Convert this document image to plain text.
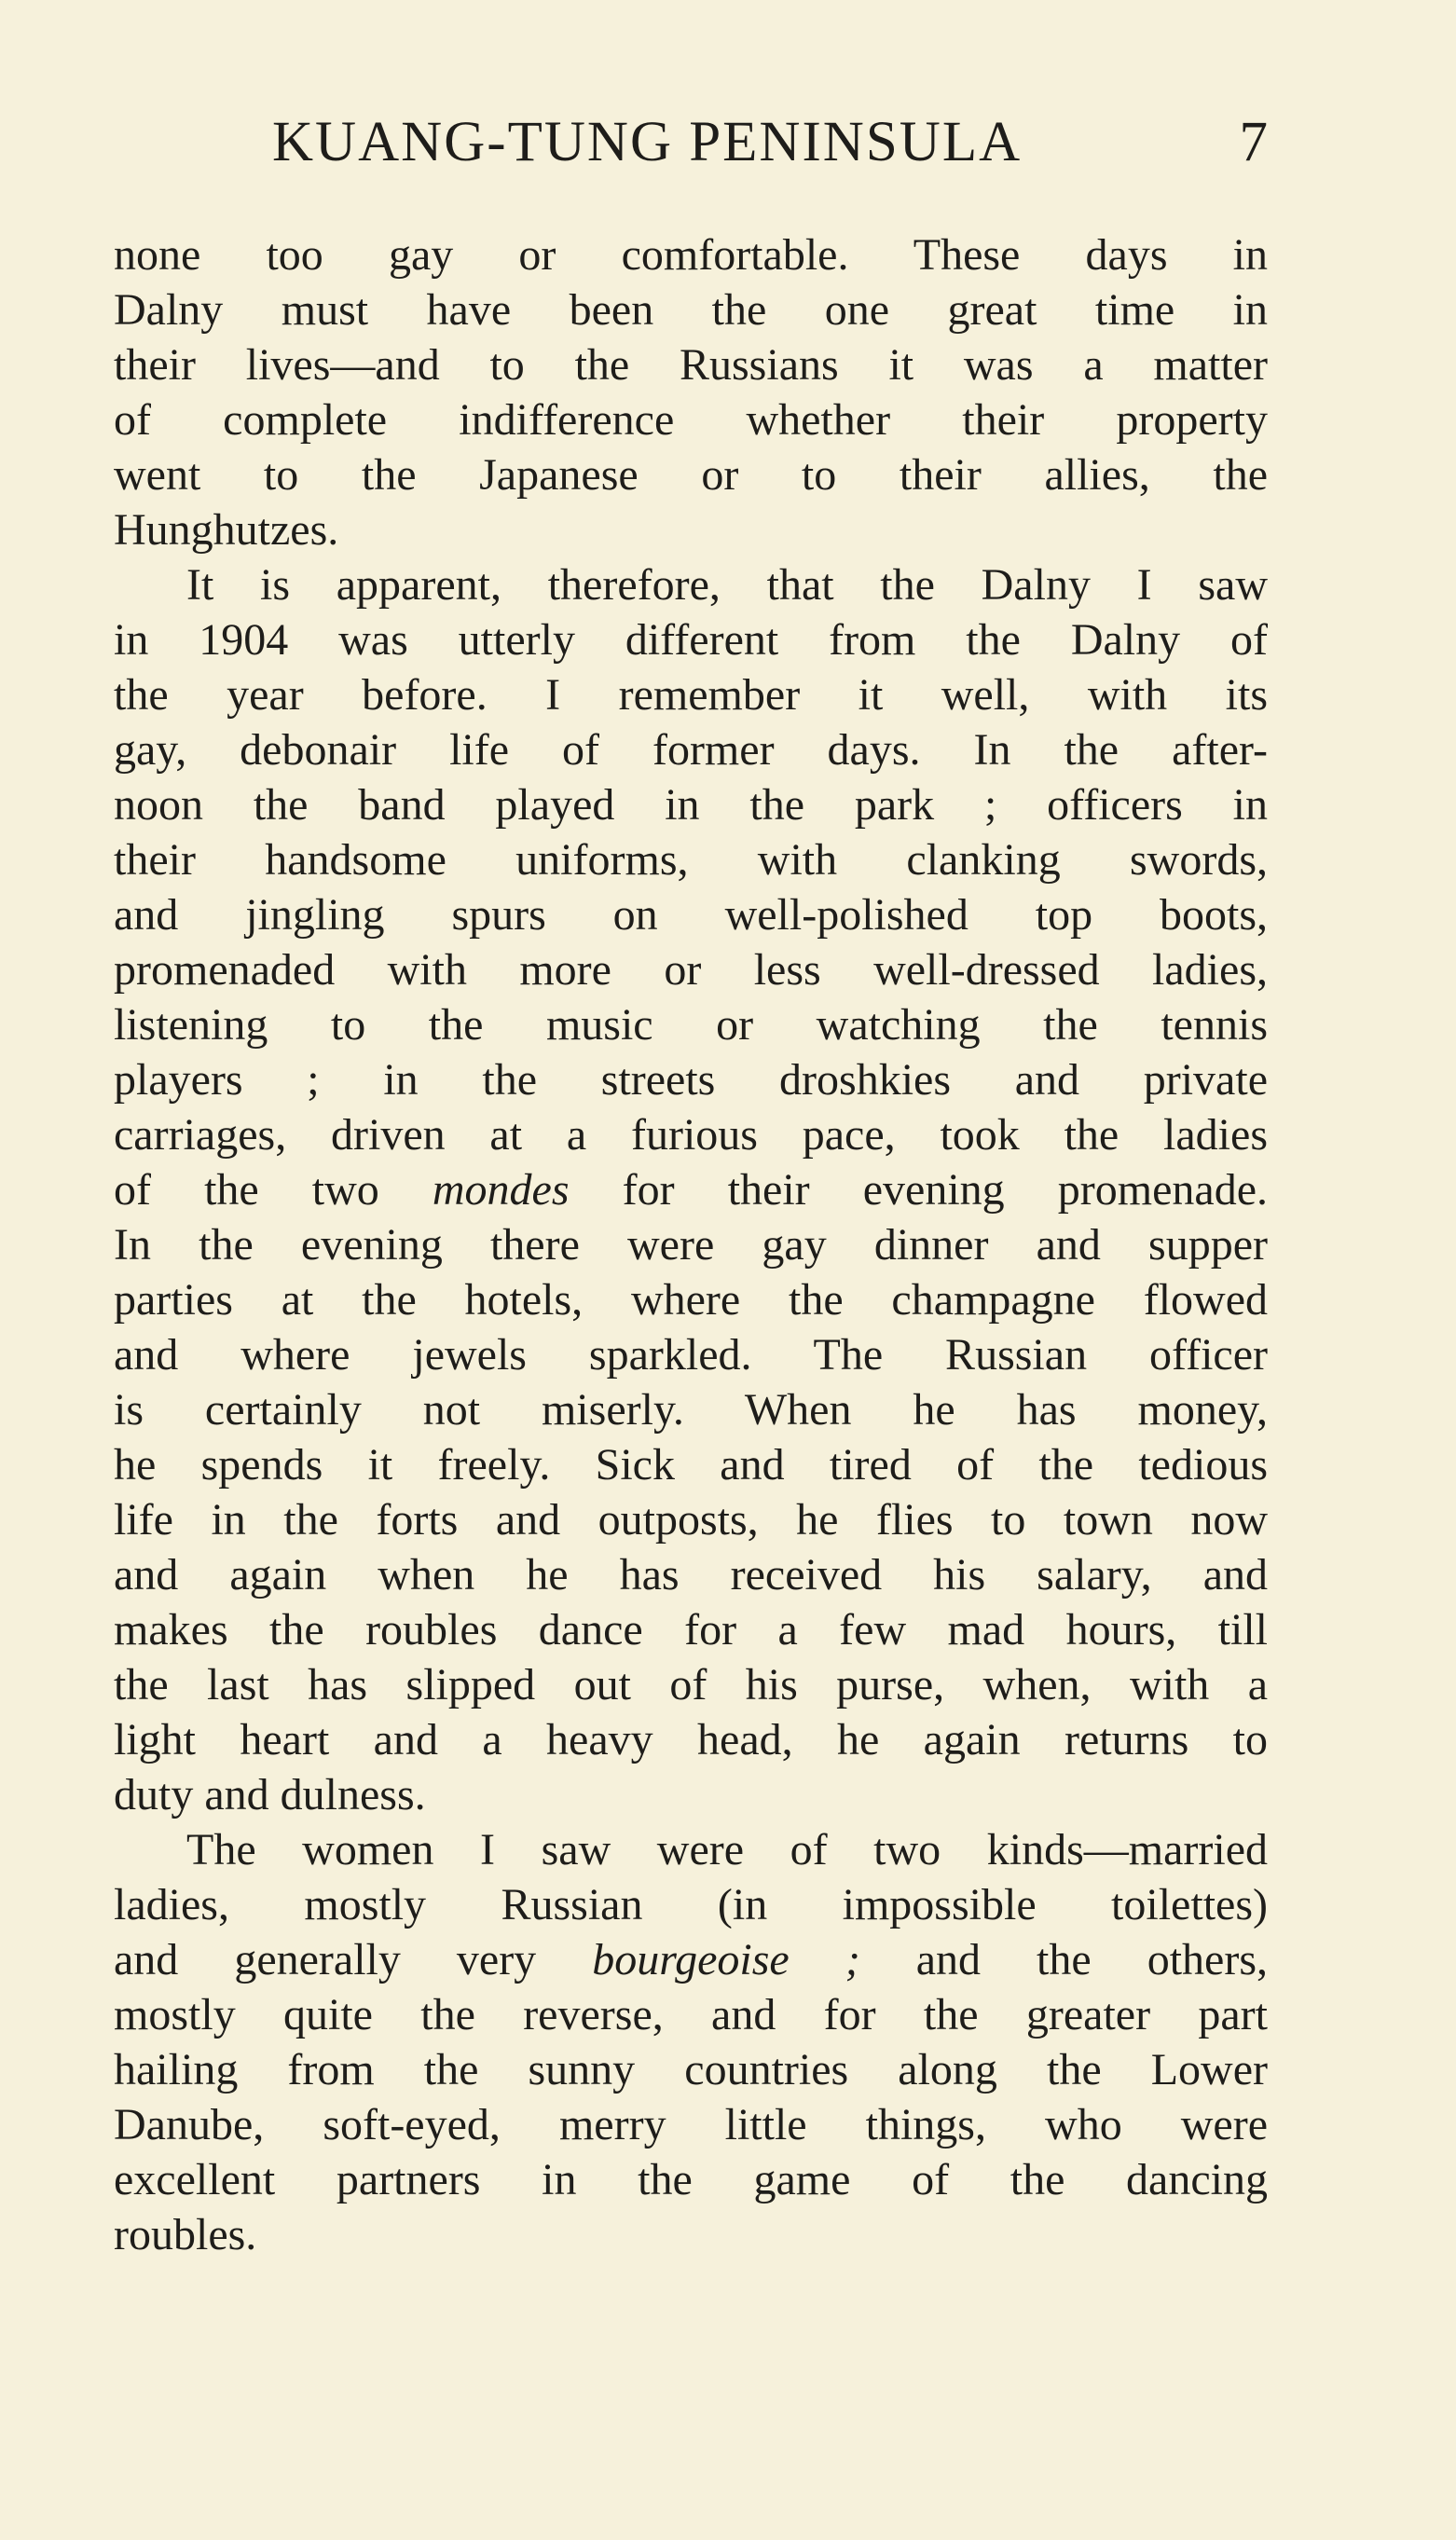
KUANG-TUNG PENINSULA	7
none too gay or comfortable. These days in
Dalny must have been the one great time in
their lives—and to the Russians it was a matter
of complete indifference whether their property
went to the Japanese or to their allies, the
Hunghutzes.
It is apparent, therefore, that the Dalny I saw
in 1904 was utterly different from the Dalny of
the year before. I remember it well, with its
gay, debonair life of former days. In the after-
noon the band played in the park ; officers in
their handsome uniforms, with clanking swords,
and jingling spurs on well-polished top boots,
promenaded with more or less well-dressed ladies,
listening to the music or watching the tennis
players ; in the streets droshkies and private
carriages, driven at a furious pace, took the ladies
of the two mondes for their evening promenade.
In the evening there were gay dinner and supper
parties at the hotels, where the champagne flowed
and where jewels sparkled. The Russian officer
is certainly not miserly. When he has money,
he spends it freely. Sick and tired of the tedious
life in the forts and outposts, he flies to town now
and again when he has received his salary, and
makes the roubles dance for a few mad hours, till
the last has slipped out of his purse, when, with a
light heart and a heavy head, he again returns to
duty and dulness.
The women I saw were of two kinds—married
ladies, mostly Russian (in impossible toilettes)
and generally very bourgeoise ; and the others,
mostly quite the reverse, and for the greater part
hailing from the sunny countries along the Lower
Danube, soft-eyed, merry little things, who were
excellent partners in the game of the dancing
roubles.
